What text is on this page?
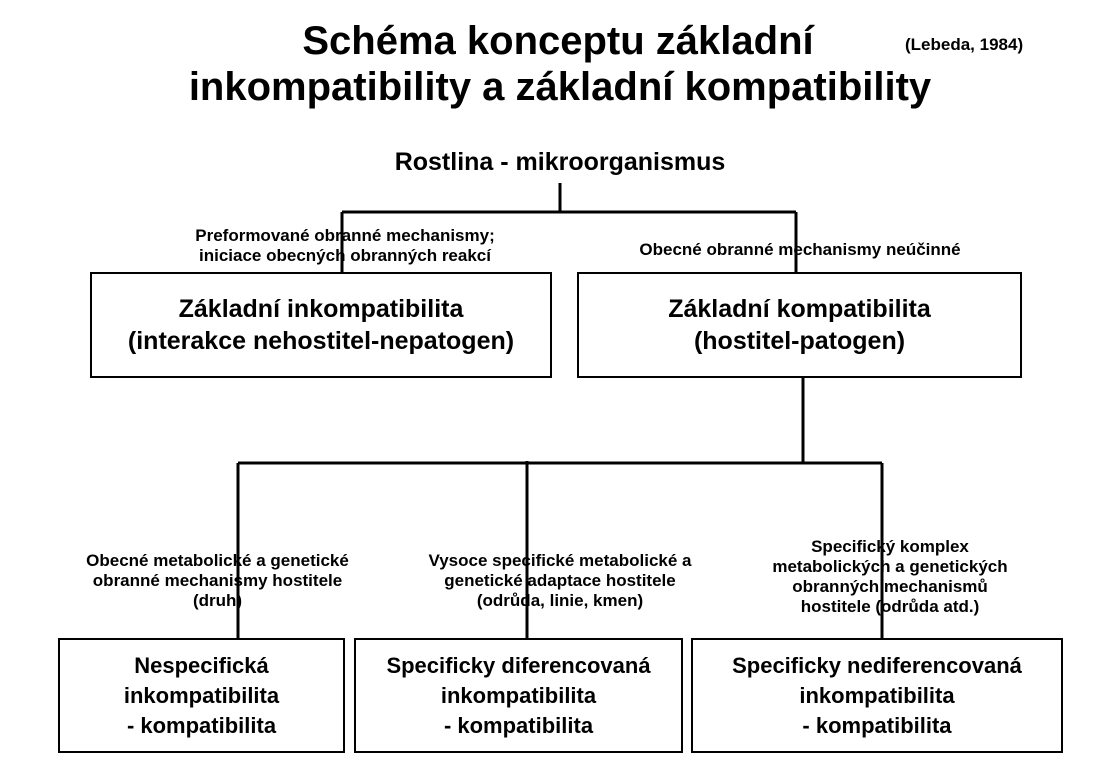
Schéma konceptu základní
inkompatibility a základní kompatibility
(Lebeda, 1984)
Rostlina - mikroorganismus
Preformované obranné mechanismy;
iniciace obecných obranných reakcí	Obecné obranné mechanismy neúčinné
Základní inkompatibilita
(interakce nehostitel-nepatogen)
Základní kompatibilita
(hostitel-patogen)
Obecné metabolické a genetické
obranné mechanismy hostitele
(druh)
Vysoce specifické metabolické a
genetické adaptace hostitele
(odrůda, linie, kmen)
Specifický komplex
metabolických a genetických
obranných mechanismů
hostitele (odrůda atd.)
Nespecifická
inkompatibilita
- kompatibilita
Specificky diferencovaná
inkompatibilita
- kompatibilita
Specificky nediferencovaná
inkompatibilita
- kompatibilita
